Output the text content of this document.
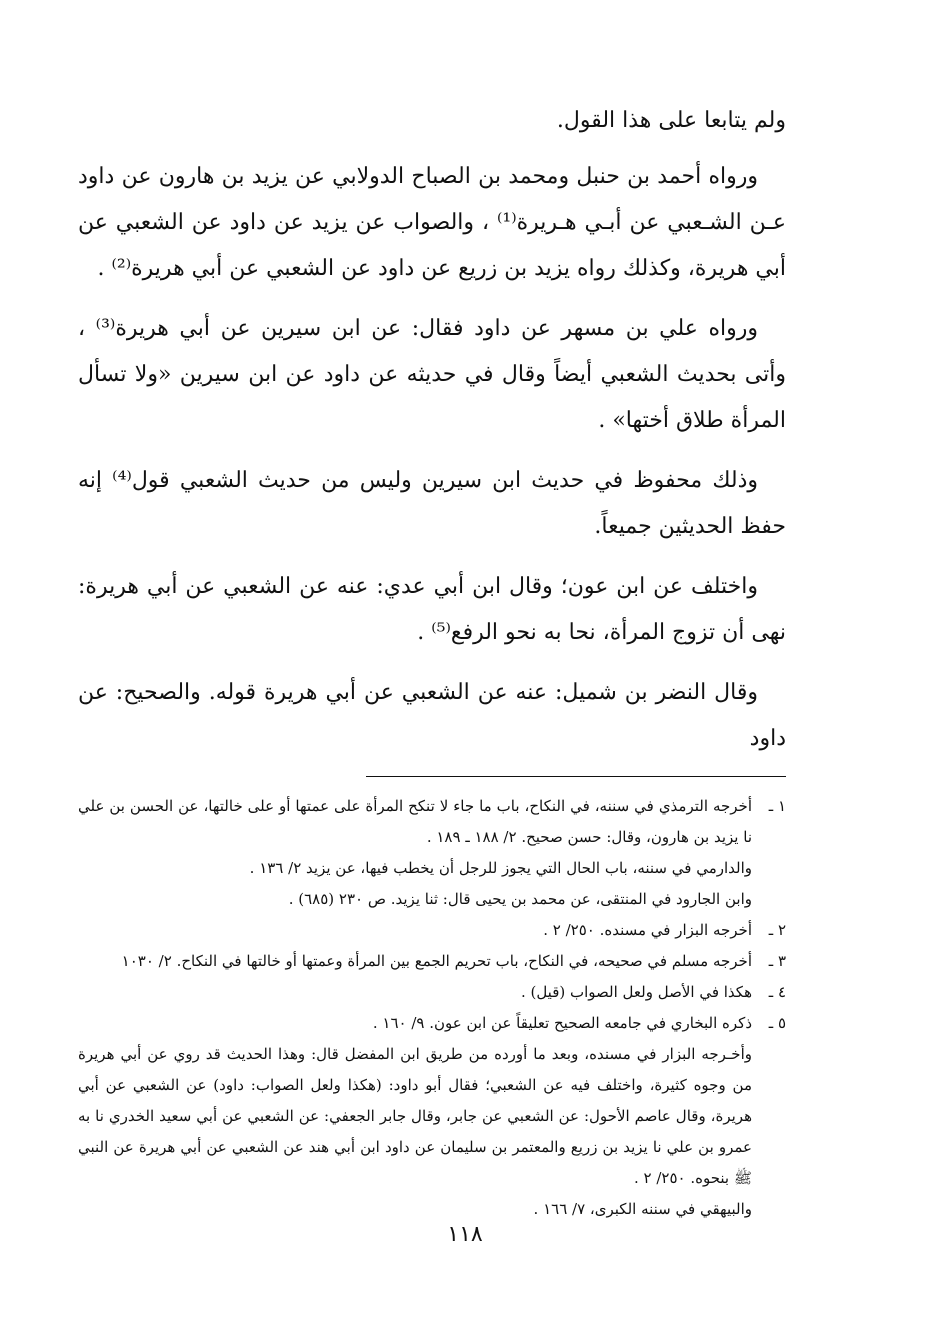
ولم يتابعا على هذا القول.

ورواه أحمد بن حنبل ومحمد بن الصباح الدولابي عن يزيد بن هارون عن داود عـن الشـعبي عن أبـي هـريرة⁽¹⁾ ، والصواب عن يزيد عن داود عن الشعبي عن أبي هريرة، وكذلك رواه يزيد بن زريع عن داود عن الشعبي عن أبي هريرة⁽²⁾ .

ورواه علي بن مسهر عن داود فقال: عن ابن سيرين عن أبي هريرة⁽³⁾ ، وأتى بحديث الشعبي أيضاً وقال في حديثه عن داود عن ابن سيرين «ولا تسأل المرأة طلاق أختها» .

وذلك محفوظ في حديث ابن سيرين وليس من حديث الشعبي قول⁽⁴⁾ إنه حفظ الحديثين جميعاً.

واختلف عن ابن عون؛ وقال ابن أبي عدي: عنه عن الشعبي عن أبي هريرة: نهى أن تزوج المرأة، نحا به نحو الرفع⁽⁵⁾ .

وقال النضر بن شميل: عنه عن الشعبي عن أبي هريرة قوله. والصحيح: عن داود

١ ـ
أخرجه الترمذي في سننه، في النكاح، باب ما جاء لا تنكح المرأة على عمتها أو على خالتها، عن الحسن بن علي نا يزيد بن هارون، وقال: حسن صحيح. ٢/ ١٨٨ ـ ١٨٩ .
والدارمي في سننه، باب الحال التي يجوز للرجل أن يخطب فيها، عن يزيد ٢/ ١٣٦ .
وابن الجارود في المنتقى، عن محمد بن يحيى قال: ثنا يزيد. ص ٢٣٠ (٦٨٥) .
٢ ـ
أخرجه البزار في مسنده. ٢٥٠/ ٢ .
٣ ـ
أخرجه مسلم في صحيحه، في النكاح، باب تحريم الجمع بين المرأة وعمتها أو خالتها في النكاح. ٢/ ١٠٣٠
٤ ـ
هكذا في الأصل ولعل الصواب (قيل) .
٥ ـ
ذكره البخاري في جامعه الصحيح تعليقاً عن ابن عون. ٩/ ١٦٠ .
وأخـرجه البزار في مسنده، وبعد ما أورده من طريق ابن المفضل قال: وهذا الحديث قد روي عن أبي هريرة من وجوه كثيرة، واختلف فيه عن الشعبي؛ فقال أبو داود: (هكذا ولعل الصواب: داود) عن الشعبي عن أبي هريرة، وقال عاصم الأحول: عن الشعبي عن جابر، وقال جابر الجعفي: عن الشعبي عن أبي سعيد الخدري نا به عمرو بن علي نا يزيد بن زريع والمعتمر بن سليمان عن داود ابن أبي هند عن الشعبي عن أبي هريرة عن النبي ﷺ بنحوه. ٢٥٠/ ٢ .
والبيهقي في سننه الكبرى، ٧/ ١٦٦ .
١١٨
